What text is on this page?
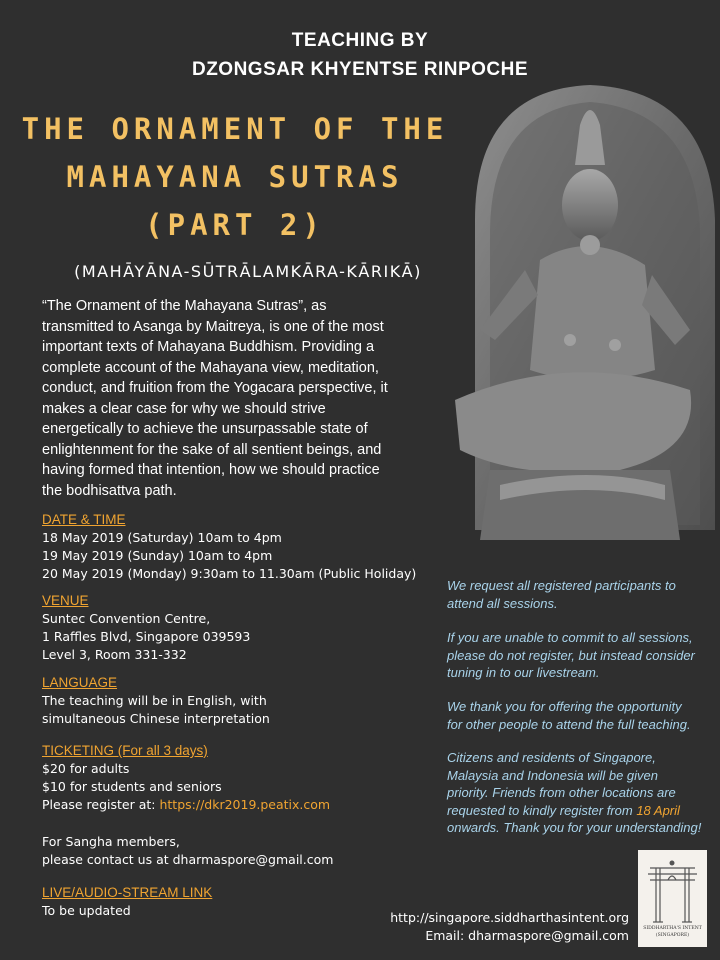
TEACHING BY
DZONGSAR KHYENTSE RINPOCHE
THE ORNAMENT OF THE
MAHAYANA SUTRAS
(PART 2)
(MAHĀYĀNA-SŪTRĀLAMKĀRA-KĀRIKĀ)
“The Ornament of the Mahayana Sutras”, as
transmitted to Asanga by Maitreya, is one of the most
important texts of Mahayana Buddhism. Providing a
complete account of the Mahayana view, meditation,
conduct, and fruition from the Yogacara perspective, it
makes a clear case for why we should strive
energetically to achieve the unsurpassable state of
enlightenment for the sake of all sentient beings, and
having formed that intention, how we should practice
the bodhisattva path.
DATE & TIME
18 May 2019 (Saturday) 10am to 4pm
19 May 2019 (Sunday) 10am to 4pm
20 May 2019 (Monday) 9:30am to 11.30am (Public Holiday)
VENUE
Suntec Convention Centre,
1 Raffles Blvd, Singapore 039593
Level 3, Room 331-332
LANGUAGE
The teaching will be in English, with
simultaneous Chinese interpretation
TICKETING (For all 3 days)
$20 for adults
$10 for students and seniors
Please register at: https://dkr2019.peatix.com
For Sangha members,
please contact us at dharmaspore@gmail.com
LIVE/AUDIO-STREAM LINK
To be updated
We request all registered participants to
attend all sessions.
If you are unable to commit to all sessions,
please do not register, but instead consider
tuning in to our livestream.
We thank you for offering the opportunity
for other people to attend the full teaching.
Citizens and residents of Singapore,
Malaysia and Indonesia will be given
priority. Friends from other locations are
requested to kindly register from 18 April
onwards. Thank you for your understanding!
http://singapore.siddharthasintent.org
Email: dharmaspore@gmail.com	SIDDHARTHA'S INTENT
(SINGAPORE)
